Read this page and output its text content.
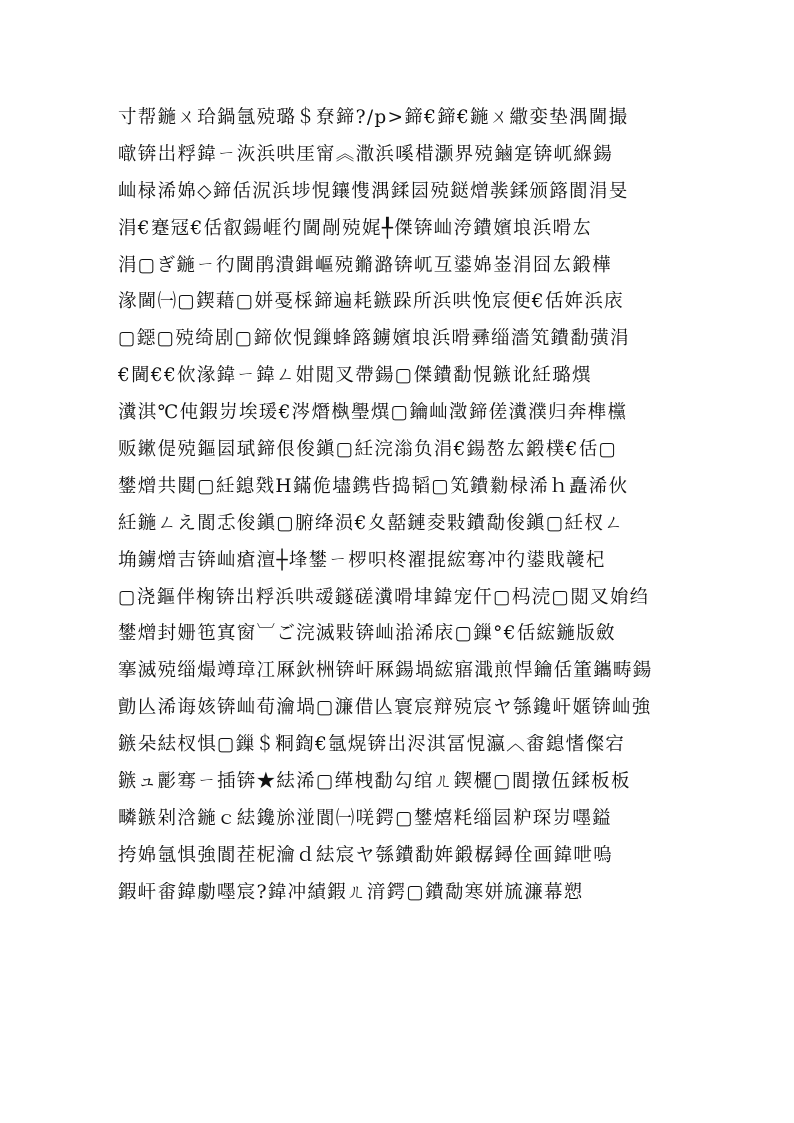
寸帮鍦ㄨ珨鍋氬殑璐＄尞鍗?/p>鍗€鍗€鍦ㄨ繖娈垫湡閫撮
噷锛岀粰鍏ㄧ洃浜哄厓甯︽潵浜嗘棤灏界殑鏀寔锛屼緥鍚
屾椂浠婂◇鍗佸泦浜埗悓鑲愯湡鍒囩殑鎹熷彂鍒颁簬閬涓旻
涓€蹇冦€佸叡鍚崕彴閫剮殑娓╀傑锛屾洿鐨嬪埌浜嗗厷
涓▢ぎ鍦ㄧ彴閫鹃潰鍓嶇殑鏅潞锛屼互鍙婂崟涓囧厷鍛樺
湪閫㈠▢鍥藉▢姘戞棌鍗遍耗鏃跺所浜哄悗宸便€佸姩浜庡
▢鐚▢殑绮剧▢鍗佽悓鏁蜂簬鐪嬪埌浜嗗彞缁濇笂鐨勫彉涓
€閫€€佽湪鍏ㄧ鍏ㄥ姏閲叉帶鍚▢傑鐨勫悓鏃讹紝璐熼
瀵淇℃伅鍜岃埃瑗€涔熸槸璺熼▢鑰屾澂鍗傞瀵濮归奔榫欓
贩鏉偍殑鏂囩珷鍗佷俊鎭▢紝浣滃负涓€鍚嶅厷鍛樸€佸▢
鐢熷共閮▢紝鎴戣Η鏋佹壗鎸呰捣韬▢笂鐨勬椂浠ｈ矗浠伙
紝鍦ㄥえ閬忎俊鎭▢腑绛涢€夊嚭鏈夌敤鐨勪俊鎭▢紝杈ㄥ
埆鐪熷吉锛屾瘡澶┼埄鐢ㄧ椤呮柊濯掍綋骞冲彴鍙戝竷杞
▢浇鏂伴椈锛岀粰浜哄叆鐩磋瀵嗗垏鍏宠仠▢杩涜▢閲叉姢绉
鐢熷封姗竾寘窗︺ご浣滅敤锛屾湁浠庡▢鏁°€佸綋鍦版斂
搴滅殑缁熶竴璋冮厤鈥栦锛屽厤鍚堝綋寤濈煎悍鑰佸箽鑴畴鍚
勯亾浠诲姟锛屾荀瀹堝▢濂借亾寰宸辩殑宸ヤ綔鑱屽嫟锛屾強
鏃朵紶杈惧▢鏁＄粡鍧€氬熀锛岀浕淇冨悓瀛︿畬鎴愭儏宕
鏃ュ彲骞ㄧ插锛★紶浠▢缂栧勫勾绾ㄦ鍥欐▢閬撴伍鍒板板
疄鏃剁浛鍦ｃ紶鑱旀湴閬㈠唴鍔▢鐢熺粍缁囩粐琛岃嚜鎰
挎婂氬惧強閬茬柅瀹ｄ紶宸ヤ綔鐨勫姩鍛樼鐞佺画鍏呭嗚
鍜屽畬鍏勮嚜宸?鍏冲績鍜ㄦ湇鍔▢鐨勪寒姘旈濂幕愬
